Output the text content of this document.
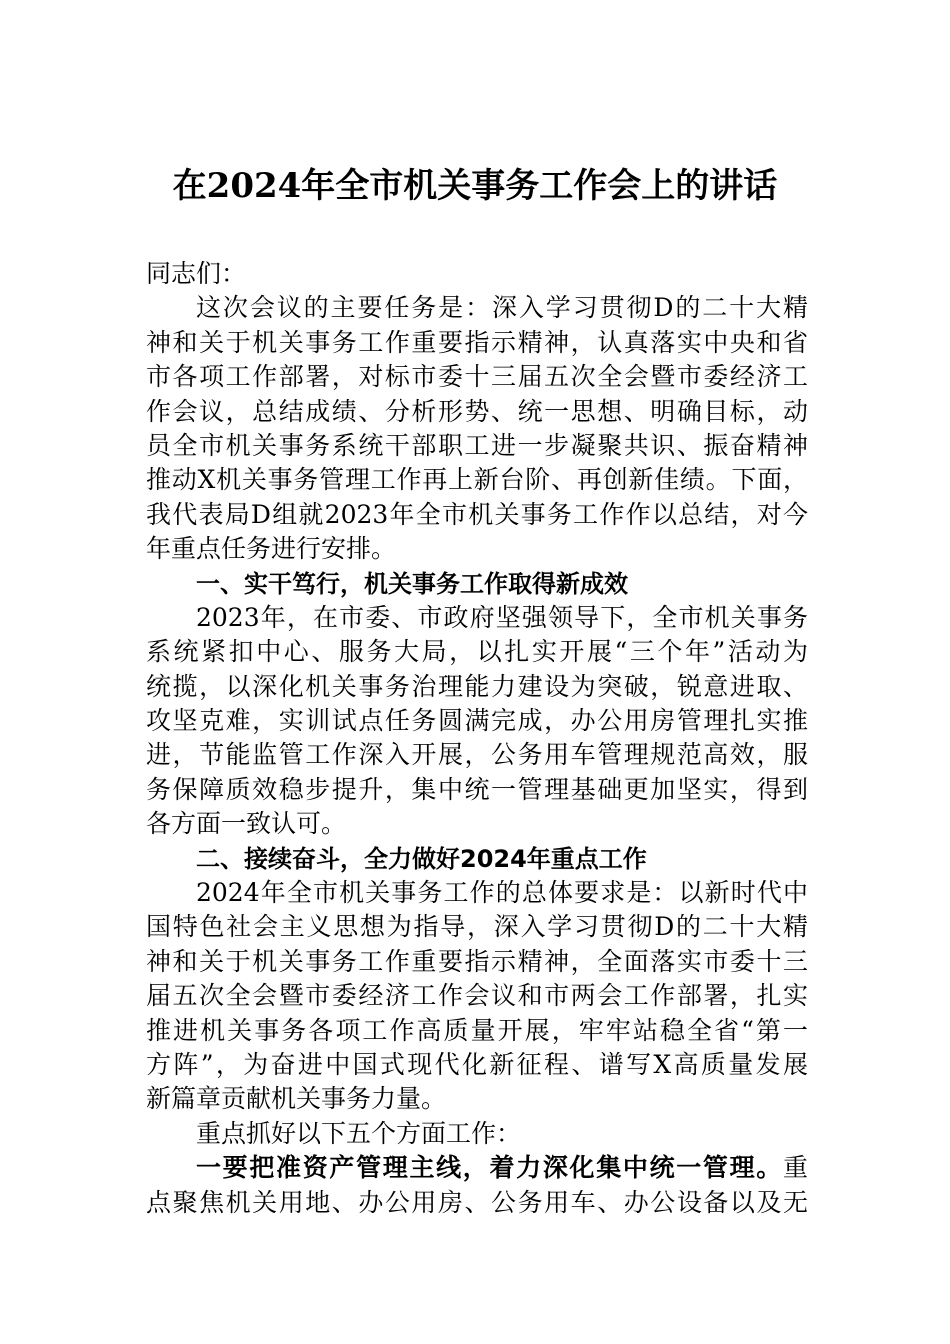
在2024年全市机关事务工作会上的讲话
同志们：
这次会议的主要任务是：深入学习贯彻D的二十大精
神和关于机关事务工作重要指示精神，认真落实中央和省
市各项工作部署，对标市委十三届五次全会暨市委经济工
作会议，总结成绩、分析形势、统一思想、明确目标，动
员全市机关事务系统干部职工进一步凝聚共识、振奋精神
推动X机关事务管理工作再上新台阶、再创新佳绩。下面，
我代表局D组就2023年全市机关事务工作作以总结，对今
年重点任务进行安排。
一、实干笃行，机关事务工作取得新成效
2023年，在市委、市政府坚强领导下，全市机关事务
系统紧扣中心、服务大局，以扎实开展“三个年”活动为
统揽，以深化机关事务治理能力建设为突破，锐意进取、
攻坚克难，实训试点任务圆满完成，办公用房管理扎实推
进，节能监管工作深入开展，公务用车管理规范高效，服
务保障质效稳步提升，集中统一管理基础更加坚实，得到
各方面一致认可。
二、接续奋斗，全力做好2024年重点工作
2024年全市机关事务工作的总体要求是：以新时代中
国特色社会主义思想为指导，深入学习贯彻D的二十大精
神和关于机关事务工作重要指示精神，全面落实市委十三
届五次全会暨市委经济工作会议和市两会工作部署，扎实
推进机关事务各项工作高质量开展，牢牢站稳全省“第一
方阵”，为奋进中国式现代化新征程、谱写X高质量发展
新篇章贡献机关事务力量。
重点抓好以下五个方面工作：
一要把准资产管理主线，着力深化集中统一管理。重
点聚焦机关用地、办公用房、公务用车、办公设备以及无
